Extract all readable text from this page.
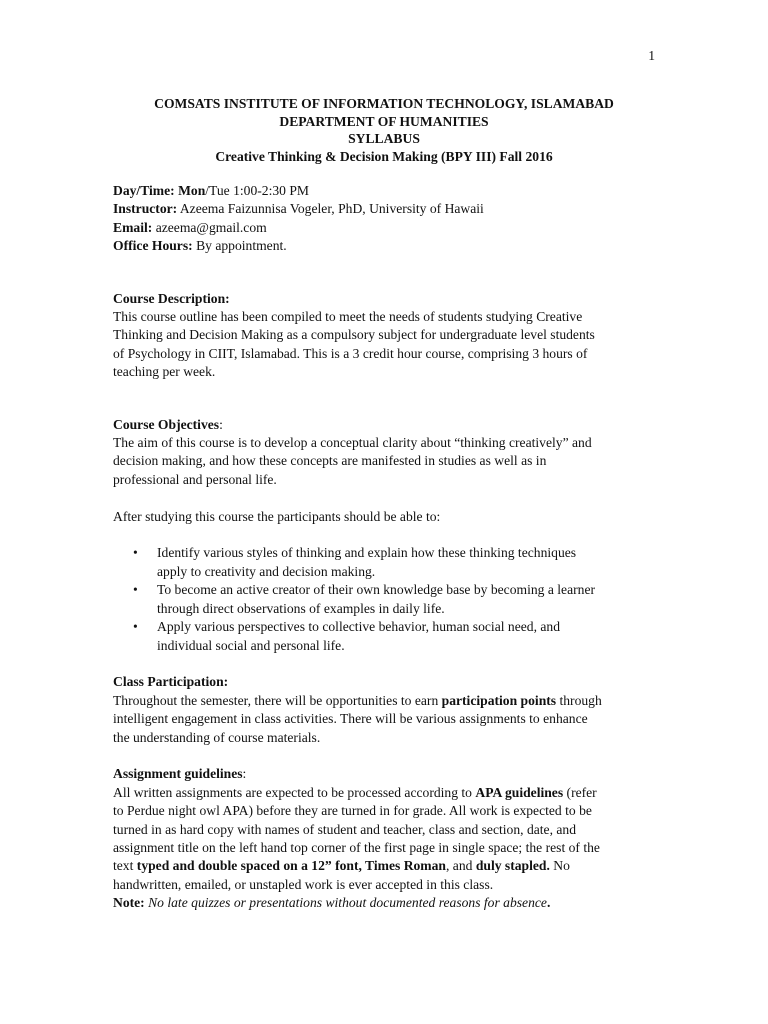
1
COMSATS INSTITUTE OF INFORMATION TECHNOLOGY, ISLAMABAD
DEPARTMENT OF HUMANITIES
SYLLABUS
Creative Thinking & Decision Making (BPY III) Fall 2016

Day/Time: Mon/Tue 1:00-2:30 PM

Instructor: Azeema Faizunnisa Vogeler, PhD, University of Hawaii

Email: azeema@gmail.com

Office Hours: By appointment.

Course Description:

This course outline has been compiled to meet the needs of students studying Creative

Thinking and Decision Making as a compulsory subject for undergraduate level students

of Psychology in CIIT, Islamabad. This is a 3 credit hour course, comprising 3 hours of

teaching per week.

Course Objectives:

The aim of this course is to develop a conceptual clarity about “thinking creatively” and

decision making, and how these concepts are manifested in studies as well as in

professional and personal life.

After studying this course the participants should be able to:

• Identify various styles of thinking and explain how these thinking techniques
apply to creativity and decision making.
• To become an active creator of their own knowledge base by becoming a learner
through direct observations of examples in daily life.
• Apply various perspectives to collective behavior, human social need, and
individual social and personal life.

Class Participation:

Throughout the semester, there will be opportunities to earn participation points through

intelligent engagement in class activities. There will be various assignments to enhance

the understanding of course materials.

Assignment guidelines:

All written assignments are expected to be processed according to APA guidelines (refer

to Perdue night owl APA) before they are turned in for grade. All work is expected to be

turned in as hard copy with names of student and teacher, class and section, date, and

assignment title on the left hand top corner of the first page in single space; the rest of the

text typed and double spaced on a 12” font, Times Roman, and duly stapled. No

handwritten, emailed, or unstapled work is ever accepted in this class.

Note: No late quizzes or presentations without documented reasons for absence.
